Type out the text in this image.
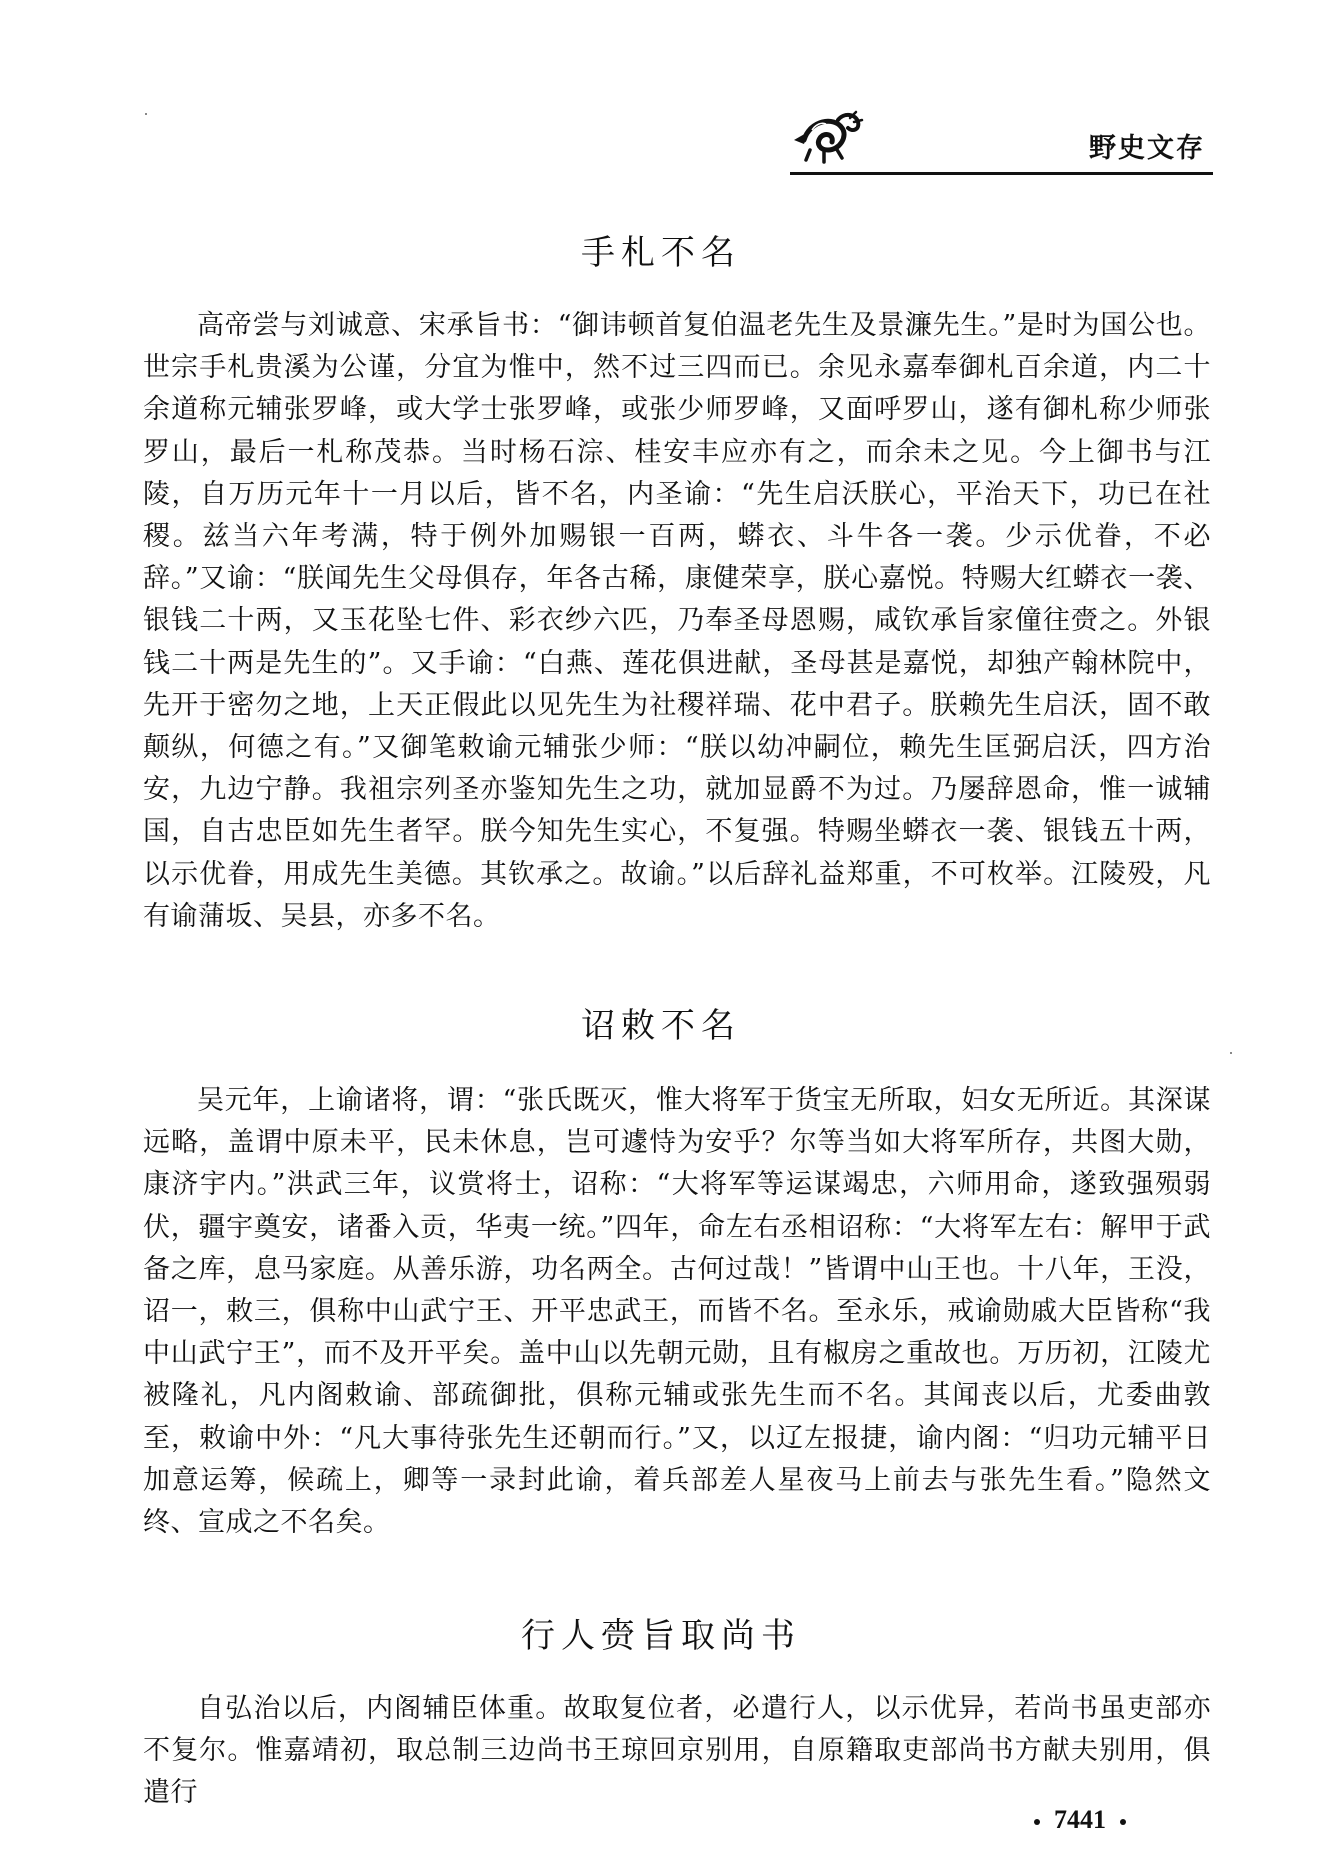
野史文存
手札不名

高帝尝与刘诚意、宋承旨书：“御讳顿首复伯温老先生及景濂先生。”是时为国公也。世宗手札贵溪为公谨，分宜为惟中，然不过三四而已。余见永嘉奉御札百余道，内二十余道称元辅张罗峰，或大学士张罗峰，或张少师罗峰，又面呼罗山，遂有御札称少师张罗山，最后一札称茂恭。当时杨石淙、桂安丰应亦有之，而余未之见。今上御书与江陵，自万历元年十一月以后，皆不名，内圣谕：“先生启沃朕心，平治天下，功已在社稷。兹当六年考满，特于例外加赐银一百两，蟒衣、斗牛各一袭。少示优眷，不必辞。”又谕：“朕闻先生父母俱存，年各古稀，康健荣享，朕心嘉悦。特赐大红蟒衣一袭、银钱二十两，又玉花坠七件、彩衣纱六匹，乃奉圣母恩赐，咸钦承旨家僮往赍之。外银钱二十两是先生的”。又手谕：“白燕、莲花俱进献，圣母甚是嘉悦，却独产翰林院中，先开于密勿之地，上天正假此以见先生为社稷祥瑞、花中君子。朕赖先生启沃，固不敢颠纵，何德之有。”又御笔敕谕元辅张少师：“朕以幼冲嗣位，赖先生匡弼启沃，四方治安，九边宁静。我祖宗列圣亦鉴知先生之功，就加显爵不为过。乃屡辞恩命，惟一诚辅国，自古忠臣如先生者罕。朕今知先生实心，不复强。特赐坐蟒衣一袭、银钱五十两，以示优眷，用成先生美德。其钦承之。故谕。”以后辞礼益郑重，不可枚举。江陵殁，凡有谕蒲坂、吴县，亦多不名。

诏敕不名

吴元年，上谕诸将，谓：“张氏既灭，惟大将军于货宝无所取，妇女无所近。其深谋远略，盖谓中原未平，民未休息，岂可遽恃为安乎？尔等当如大将军所存，共图大勋，康济宇内。”洪武三年，议赏将士，诏称：“大将军等运谋竭忠，六师用命，遂致强殒弱伏，疆宇奠安，诸番入贡，华夷一统。”四年，命左右丞相诏称：“大将军左右：解甲于武备之库，息马家庭。从善乐游，功名两全。古何过哉！”皆谓中山王也。十八年，王没，诏一，敕三，俱称中山武宁王、开平忠武王，而皆不名。至永乐，戒谕勋戚大臣皆称“我中山武宁王”，而不及开平矣。盖中山以先朝元勋，且有椒房之重故也。万历初，江陵尤被隆礼，凡内阁敕谕、部疏御批，俱称元辅或张先生而不名。其闻丧以后，尤委曲敦至，敕谕中外：“凡大事待张先生还朝而行。”又，以辽左报捷，谕内阁：“归功元辅平日加意运筹，候疏上，卿等一录封此谕，着兵部差人星夜马上前去与张先生看。”隐然文终、宣成之不名矣。

行人赍旨取尚书

自弘治以后，内阁辅臣体重。故取复位者，必遣行人，以示优异，若尚书虽吏部亦不复尔。惟嘉靖初，取总制三边尚书王琼回京别用，自原籍取吏部尚书方献夫别用，俱遣行

7441
